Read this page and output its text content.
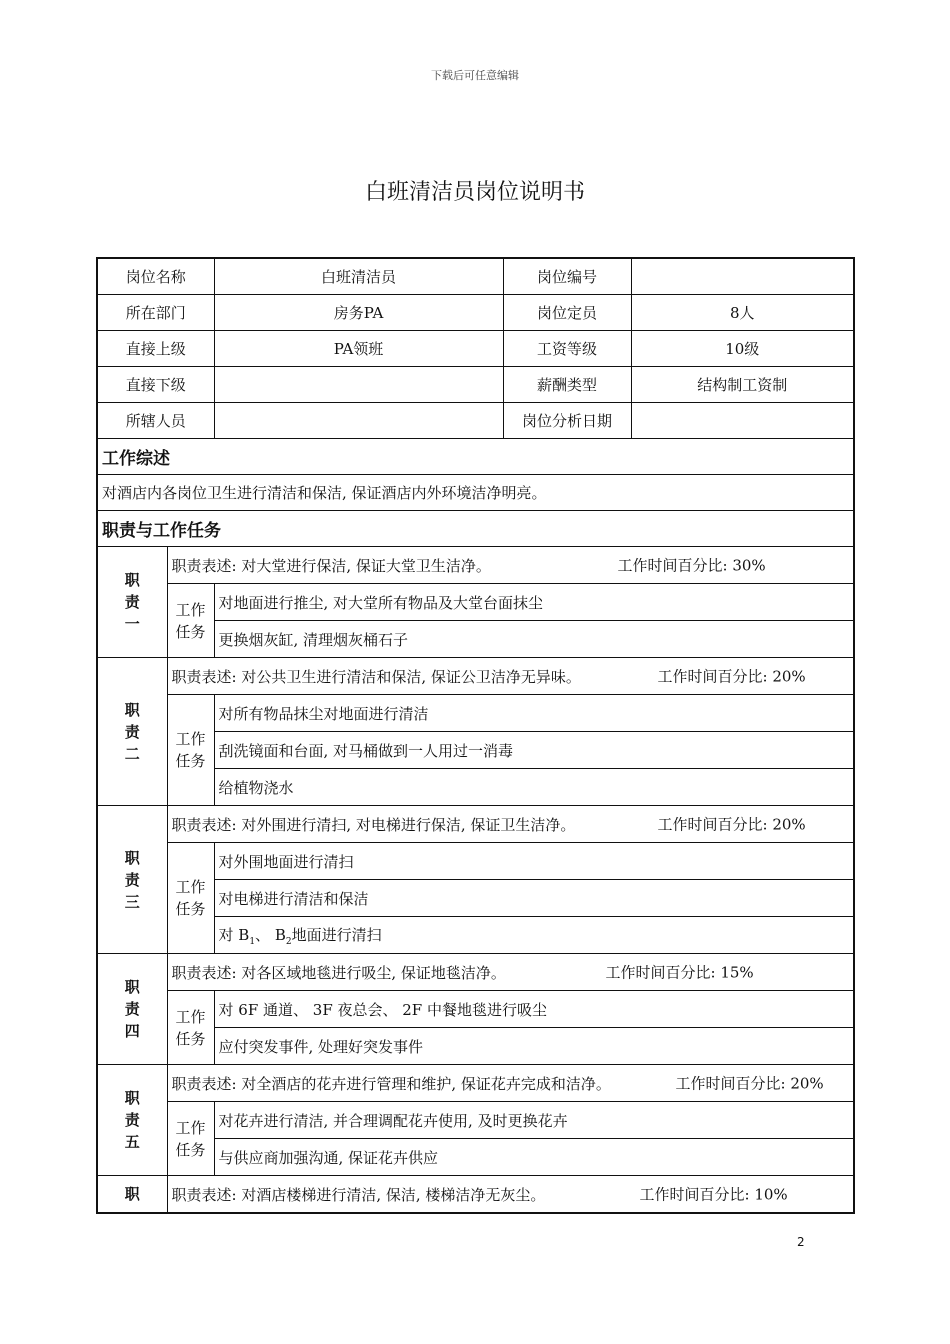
下载后可任意编辑
白班清洁员岗位说明书
岗位名称		白班清洁员	岗位编号	
所在部门		房务PA	岗位定员	8人
直接上级		PA领班	工资等级	10级
直接下级			薪酬类型	结构制工资制
所辖人员			岗位分析日期	
工作综述				
对酒店内各岗位卫生进行清洁和保洁, 保证酒店内外环境洁净明亮。				
职责与工作任务				
职责一	职责表述: 对大堂进行保洁, 保证大堂卫生洁净。 工作时间百分比: 30%			

	工作任务	对地面进行推尘, 对大堂所有物品及大堂台面抹尘		
		更换烟灰缸, 清理烟灰桶石子		
职责二	职责表述: 对公共卫生进行清洁和保洁, 保证公卫洁净无异味。 工作时间百分比: 20%			

	工作任务	对所有物品抹尘对地面进行清洁		
		刮洗镜面和台面, 对马桶做到一人用过一消毒		
		给植物浇水		
职责三	职责表述: 对外围进行清扫, 对电梯进行保洁, 保证卫生洁净。 工作时间百分比: 20%			

	工作任务	对外围地面进行清扫		
		对电梯进行清洁和保洁		
		对 $B_1$、 $B_2$地面进行清扫		
职责四	职责表述: 对各区域地毯进行吸尘, 保证地毯洁净。 工作时间百分比: 15%			

	工作任务	对 6F 通道、 3F 夜总会、 2F 中餐地毯进行吸尘		
		应付突发事件, 处理好突发事件		
职责五	职责表述: 对全酒店的花卉进行管理和维护, 保证花卉完成和洁净。 工作时间百分比: 20%			

	工作任务	对花卉进行清洁, 并合理调配花卉使用, 及时更换花卉		
		与供应商加强沟通, 保证花卉供应		
职	职责表述: 对酒店楼梯进行清洁, 保洁, 楼梯洁净无灰尘。 工作时间百分比: 10%			
2
